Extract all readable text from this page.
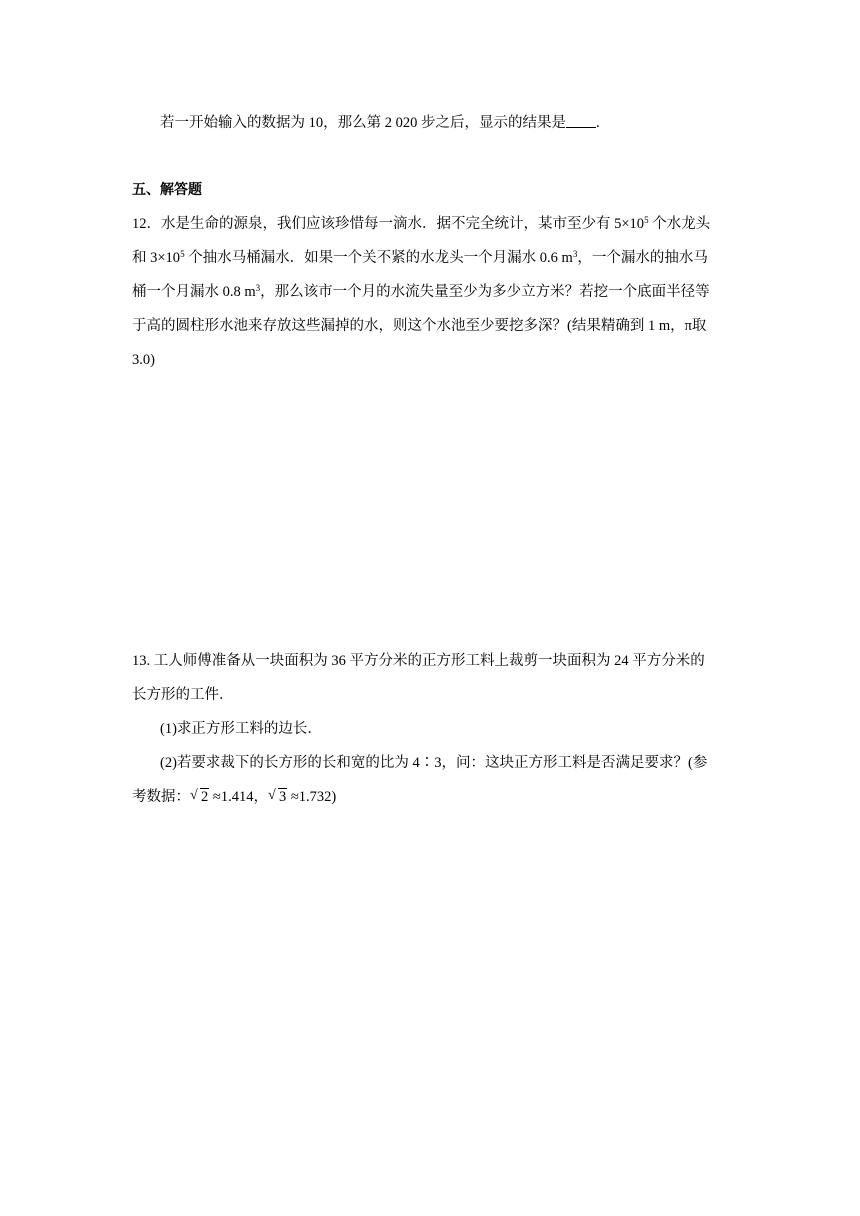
若一开始输入的数据为 10，那么第 2 020 步之后，显示的结果是 .
五、解答题
12．水是生命的源泉，我们应该珍惜每一滴水．据不完全统计，某市至少有 $5\times 10^5$ 个水龙头
和 $3\times 10^5$ 个抽水马桶漏水．如果一个关不紧的水龙头一个月漏水 0.6 $m^3$，一个漏水的抽水马
桶一个月漏水 0.8 $m^3$，那么该市一个月的水流失量至少为多少立方米？若挖一个底面半径等
于高的圆柱形水池来存放这些漏掉的水，则这个水池至少要挖多深？(结果精确到 1 m，π取
3.0)
13. 工人师傅准备从一块面积为 36 平方分米的正方形工料上裁剪一块面积为 24 平方分米的
长方形的工件．
(1)求正方形工料的边长．
(2)若要求裁下的长方形的长和宽的比为 4∶3，问：这块正方形工料是否满足要求？(参
考数据： √ 2 ≈1.414， √ 3 ≈1.732)
